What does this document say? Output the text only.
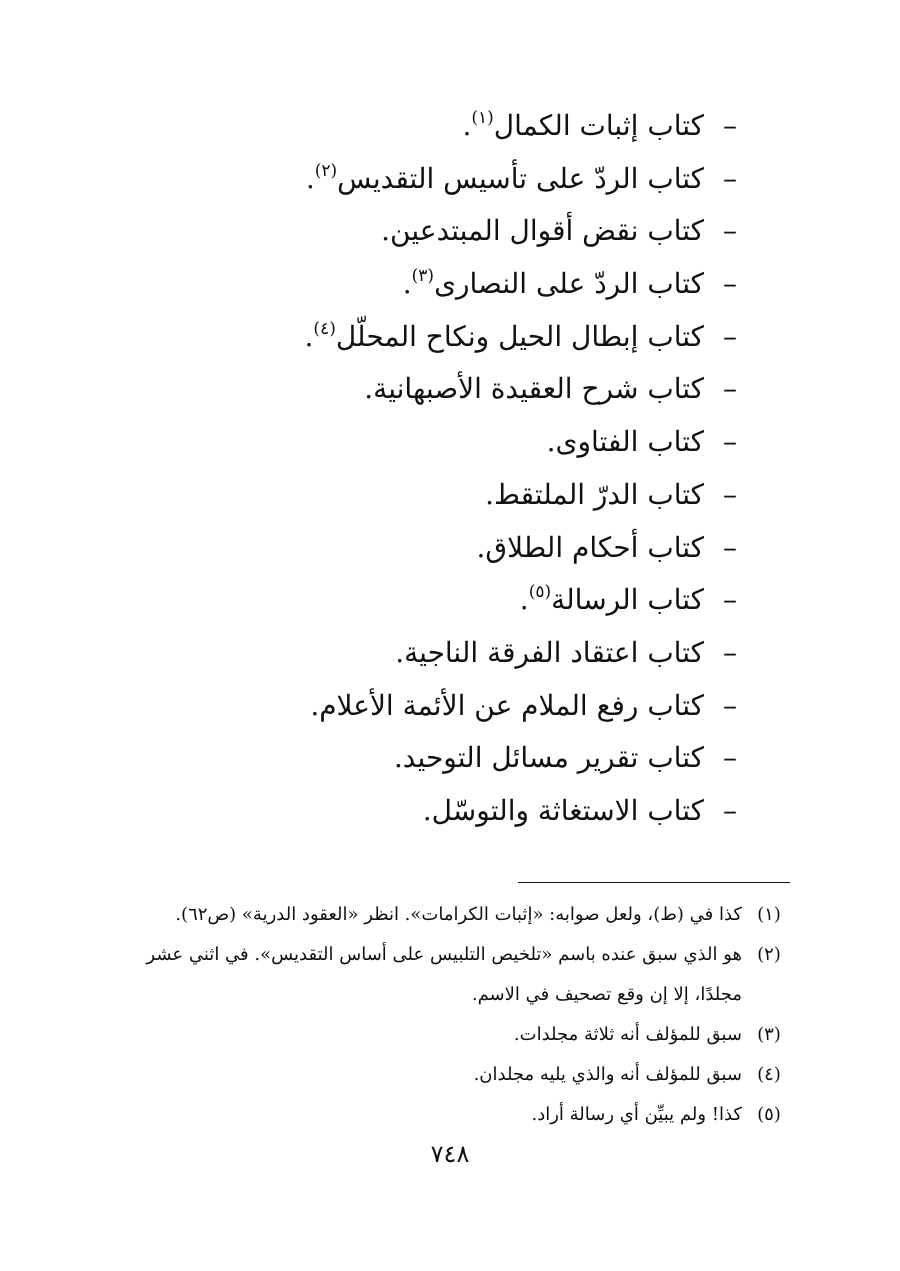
–
كتاب إثبات الكمال$^{(١)}$.
–
كتاب الردّ على تأسيس التقديس$^{(٢)}$.
–
كتاب نقض أقوال المبتدعين.
–
كتاب الردّ على النصارى$^{(٣)}$.
–
كتاب إبطال الحيل ونكاح المحلّل$^{(٤)}$.
–
كتاب شرح العقيدة الأصبهانية.
–
كتاب الفتاوى.
–
كتاب الدرّ الملتقط.
–
كتاب أحكام الطلاق.
–
كتاب الرسالة$^{(٥)}$.
–
كتاب اعتقاد الفرقة الناجية.
–
كتاب رفع الملام عن الأئمة الأعلام.
–
كتاب تقرير مسائل التوحيد.
–
كتاب الاستغاثة والتوسّل.
(١)
كذا في (ط)، ولعل صوابه: «إثبات الكرامات». انظر «العقود الدرية» (ص٦٢).
(٢)
هو الذي سبق عنده باسم «تلخيص التلبيس على أساس التقديس». في اثني عشر مجلدًا، إلا إن وقع تصحيف في الاسم.
(٣)
سبق للمؤلف أنه ثلاثة مجلدات.
(٤)
سبق للمؤلف أنه والذي يليه مجلدان.
(٥)
كذا! ولم يبيِّن أي رسالة أراد.
٧٤٨
